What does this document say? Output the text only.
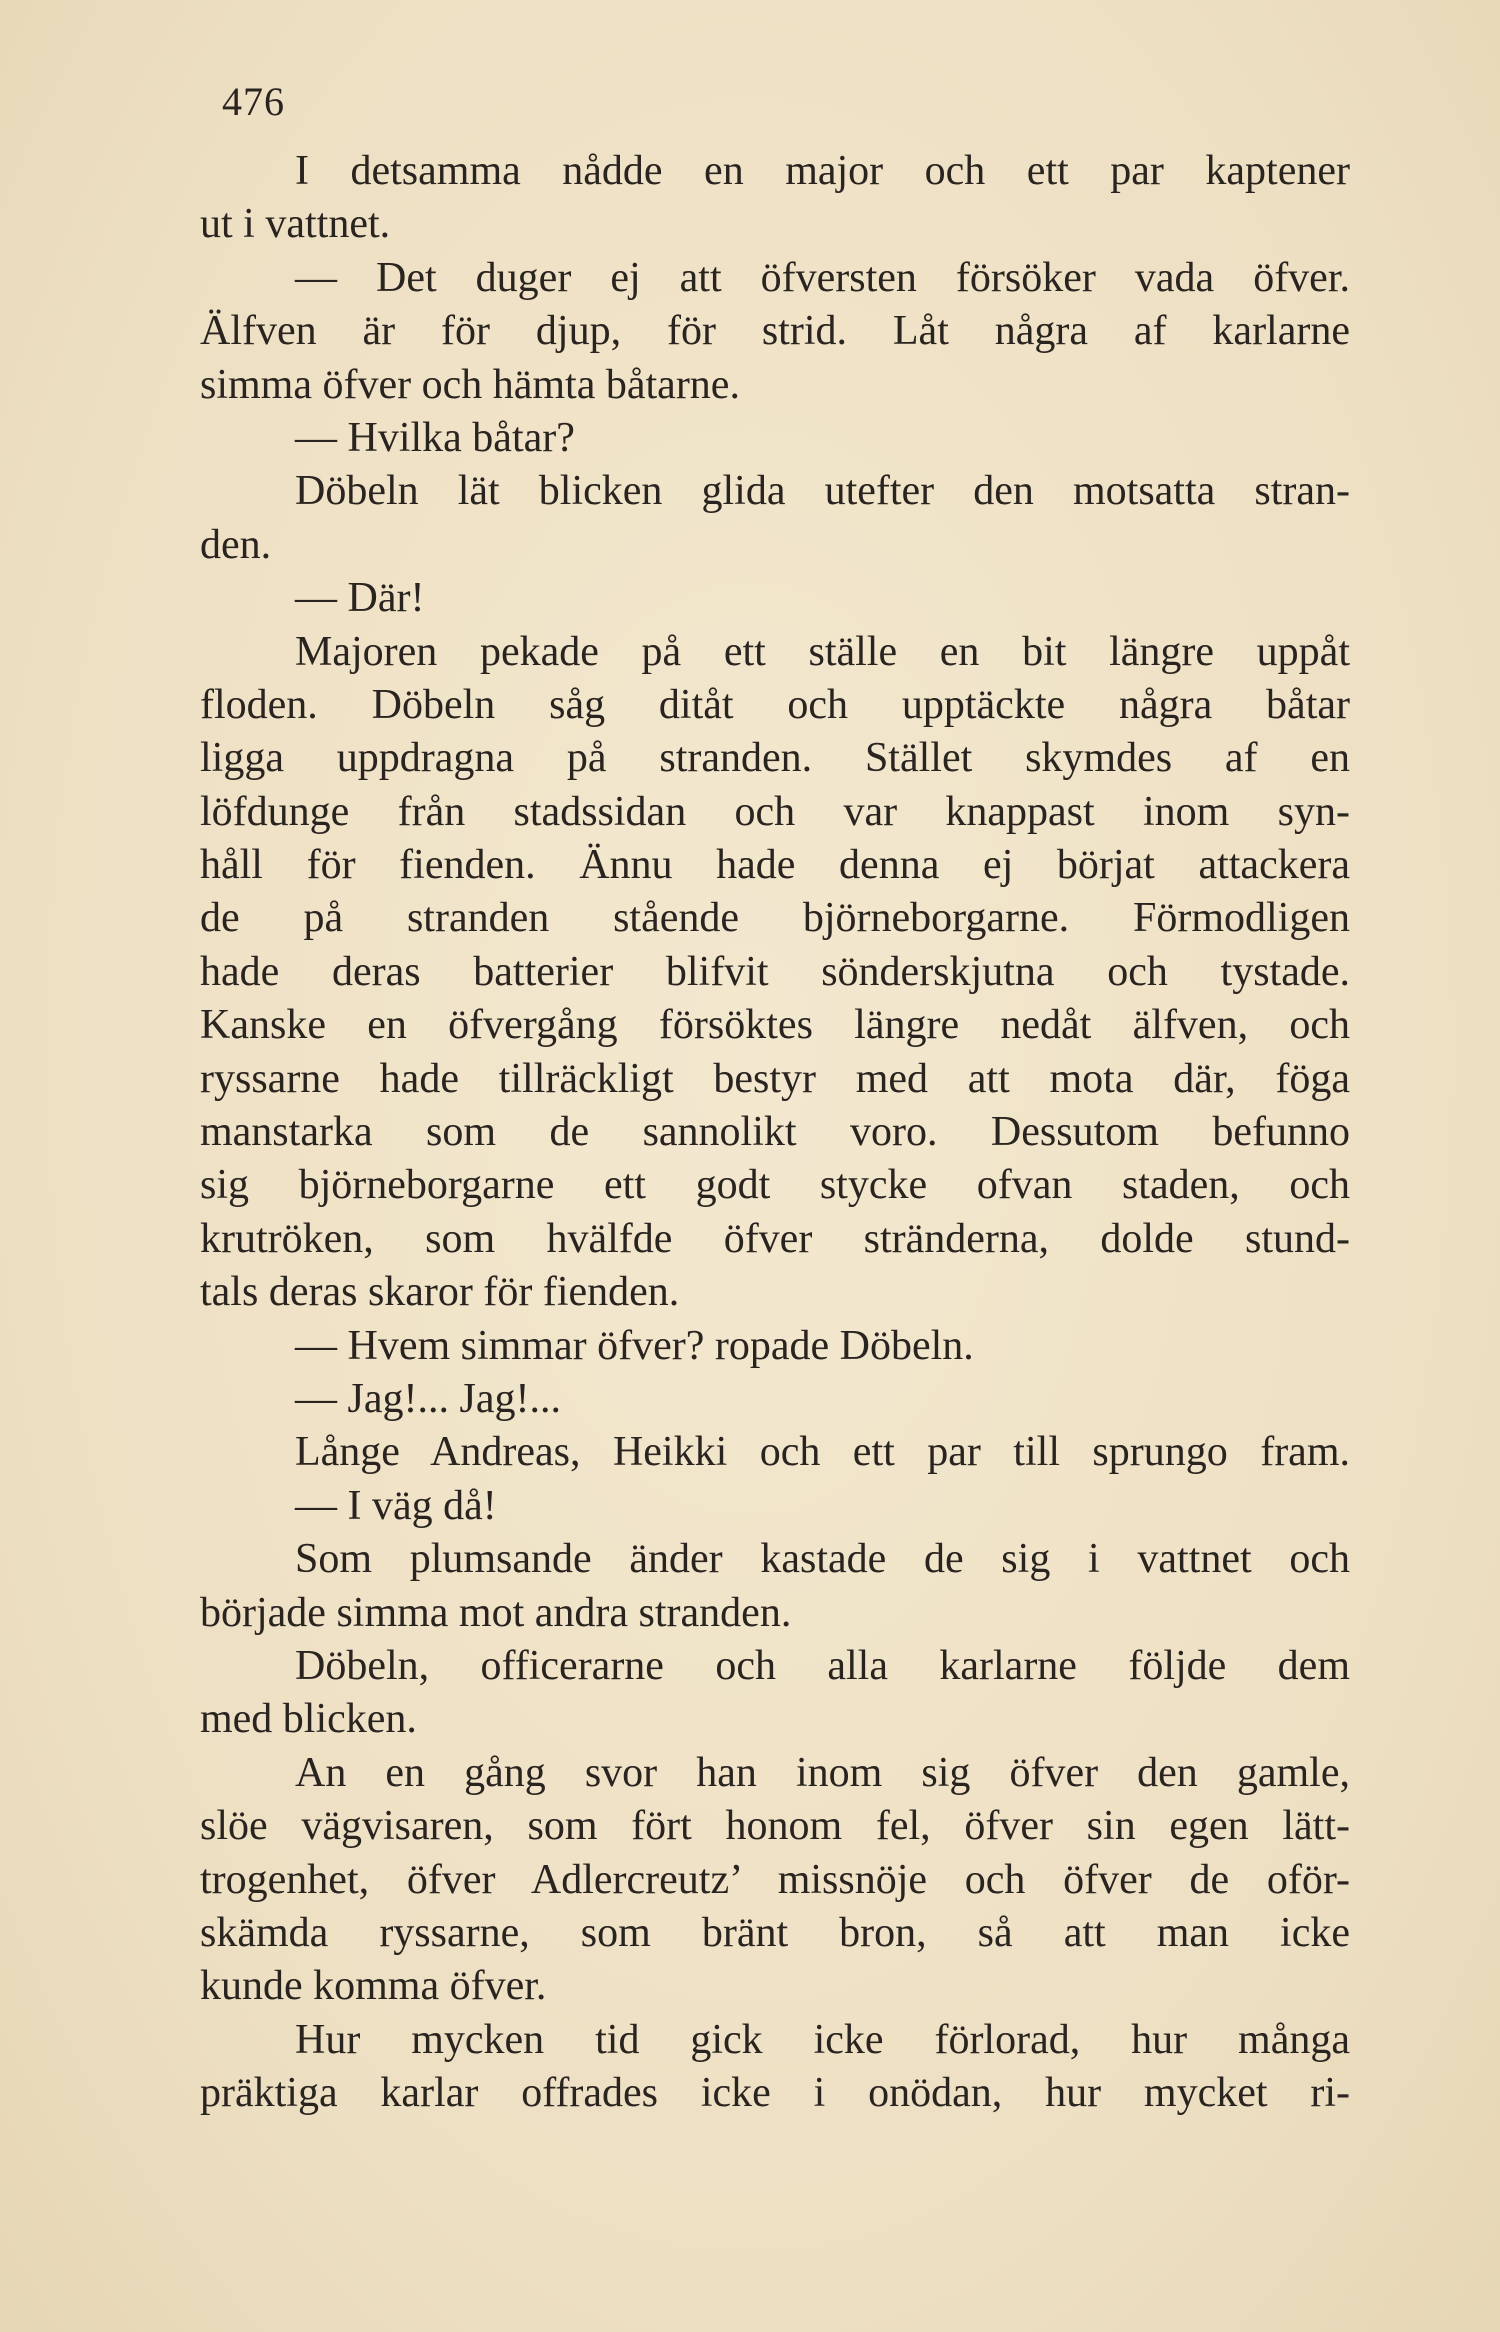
476
I detsamma nådde en major och ett par kaptener
ut i vattnet.
— Det duger ej att öfversten försöker vada öfver.
Älfven är för djup, för strid. Låt några af karlarne
simma öfver och hämta båtarne.
— Hvilka båtar?
Döbeln lät blicken glida utefter den motsatta stran-
den.
— Där!
Majoren pekade på ett ställe en bit längre uppåt
floden. Döbeln såg ditåt och upptäckte några båtar
ligga uppdragna på stranden. Stället skymdes af en
löfdunge från stadssidan och var knappast inom syn-
håll för fienden. Ännu hade denna ej börjat attackera
de på stranden stående björneborgarne. Förmodligen
hade deras batterier blifvit sönderskjutna och tystade.
Kanske en öfvergång försöktes längre nedåt älfven, och
ryssarne hade tillräckligt bestyr med att mota där, föga
manstarka som de sannolikt voro. Dessutom befunno
sig björneborgarne ett godt stycke ofvan staden, och
krutröken, som hvälfde öfver stränderna, dolde stund-
tals deras skaror för fienden.
— Hvem simmar öfver? ropade Döbeln.
— Jag!... Jag!...
Långe Andreas, Heikki och ett par till sprungo fram.
— I väg då!
Som plumsande änder kastade de sig i vattnet och
började simma mot andra stranden.
Döbeln, officerarne och alla karlarne följde dem
med blicken.
An en gång svor han inom sig öfver den gamle,
slöe vägvisaren, som fört honom fel, öfver sin egen lätt-
trogenhet, öfver Adlercreutz’ missnöje och öfver de oför-
skämda ryssarne, som bränt bron, så att man icke
kunde komma öfver.
Hur mycken tid gick icke förlorad, hur många
präktiga karlar offrades icke i onödan, hur mycket ri-
